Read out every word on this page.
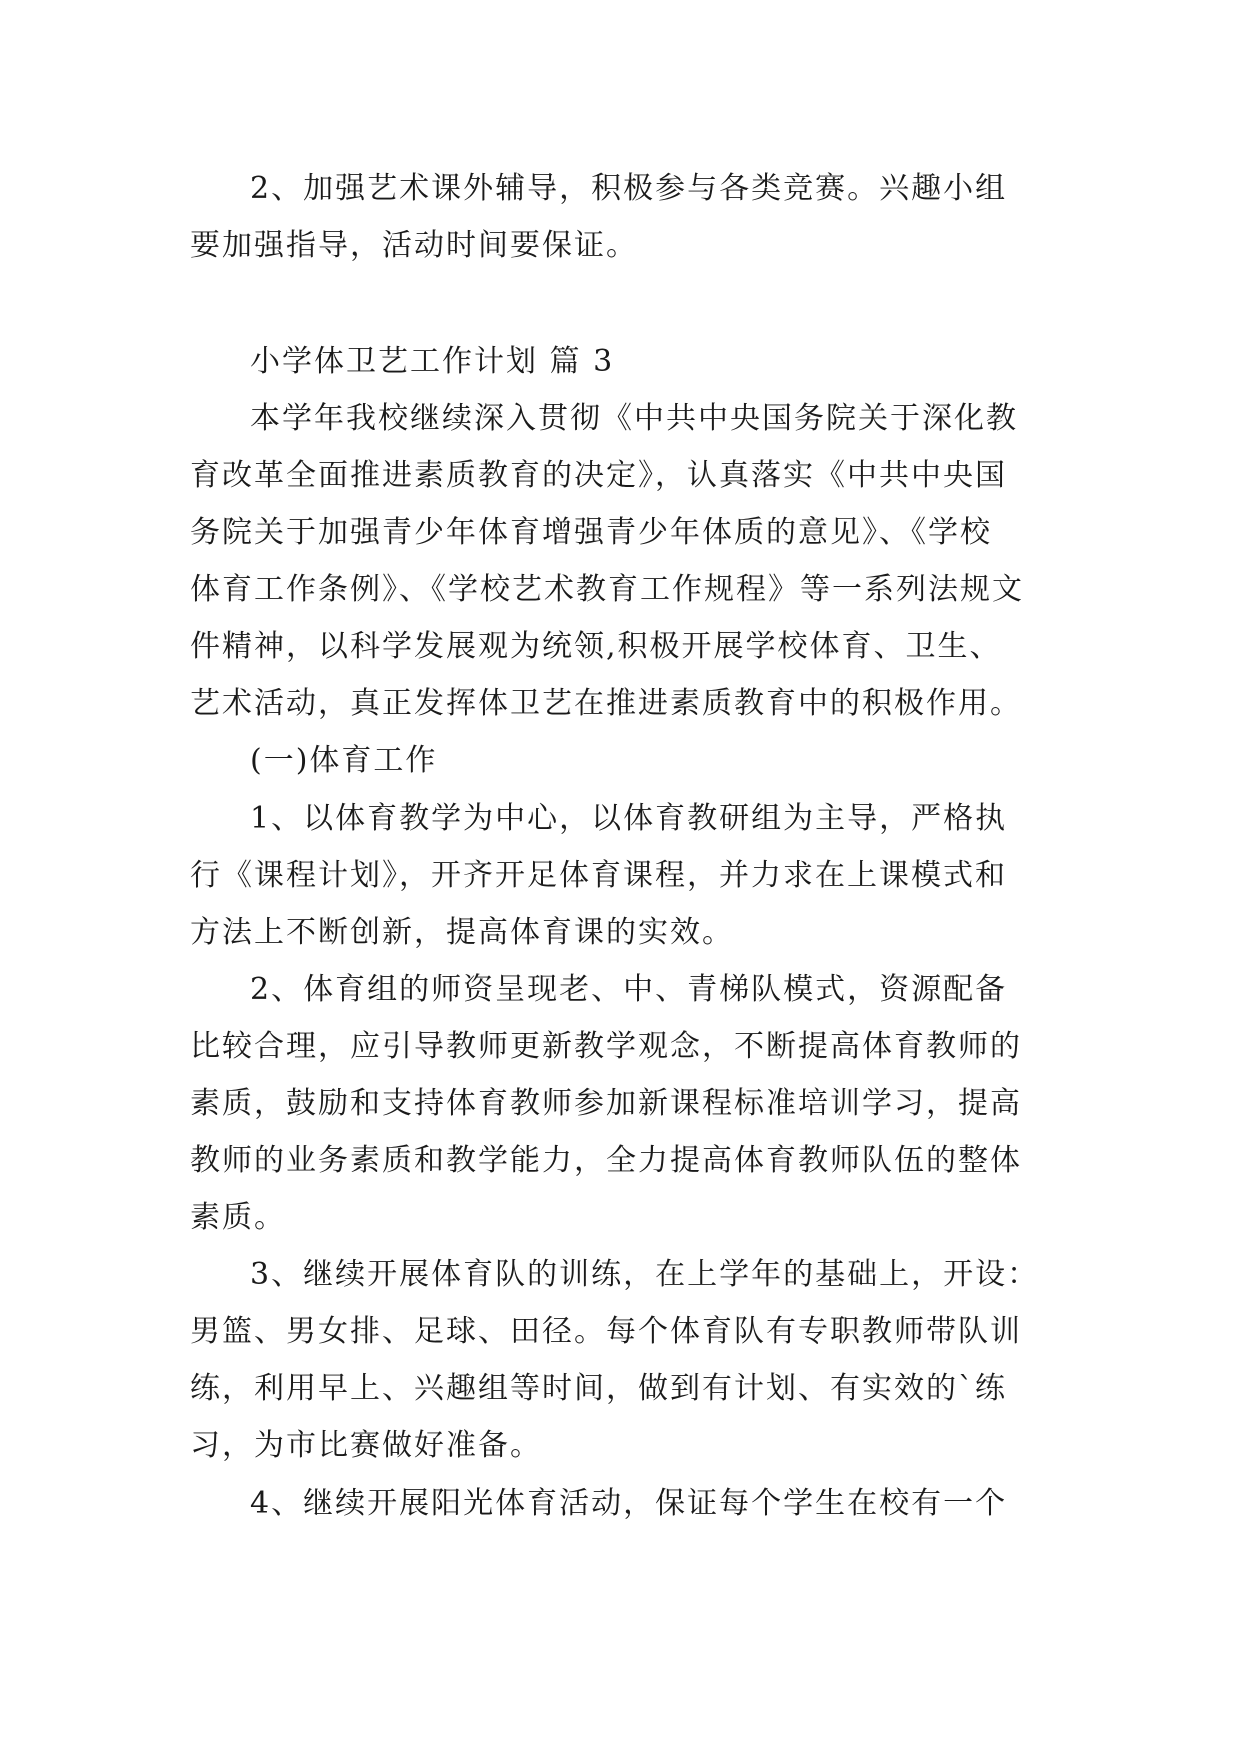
2、加强艺术课外辅导，积极参与各类竞赛。兴趣小组
要加强指导，活动时间要保证。
小学体卫艺工作计划 篇 3
本学年我校继续深入贯彻《中共中央国务院关于深化教
育改革全面推进素质教育的决定》，认真落实《中共中央国
务院关于加强青少年体育增强青少年体质的意见》、《学校
体育工作条例》、《学校艺术教育工作规程》等一系列法规文
件精神，以科学发展观为统领,积极开展学校体育、卫生、
艺术活动，真正发挥体卫艺在推进素质教育中的积极作用。
(一)体育工作
1、以体育教学为中心，以体育教研组为主导，严格执
行《课程计划》，开齐开足体育课程，并力求在上课模式和
方法上不断创新，提高体育课的实效。
2、体育组的师资呈现老、中、青梯队模式，资源配备
比较合理，应引导教师更新教学观念，不断提高体育教师的
素质，鼓励和支持体育教师参加新课程标准培训学习，提高
教师的业务素质和教学能力，全力提高体育教师队伍的整体
素质。
3、继续开展体育队的训练，在上学年的基础上，开设：
男篮、男女排、足球、田径。每个体育队有专职教师带队训
练，利用早上、兴趣组等时间，做到有计划、有实效的`练
习，为市比赛做好准备。
4、继续开展阳光体育活动，保证每个学生在校有一个
